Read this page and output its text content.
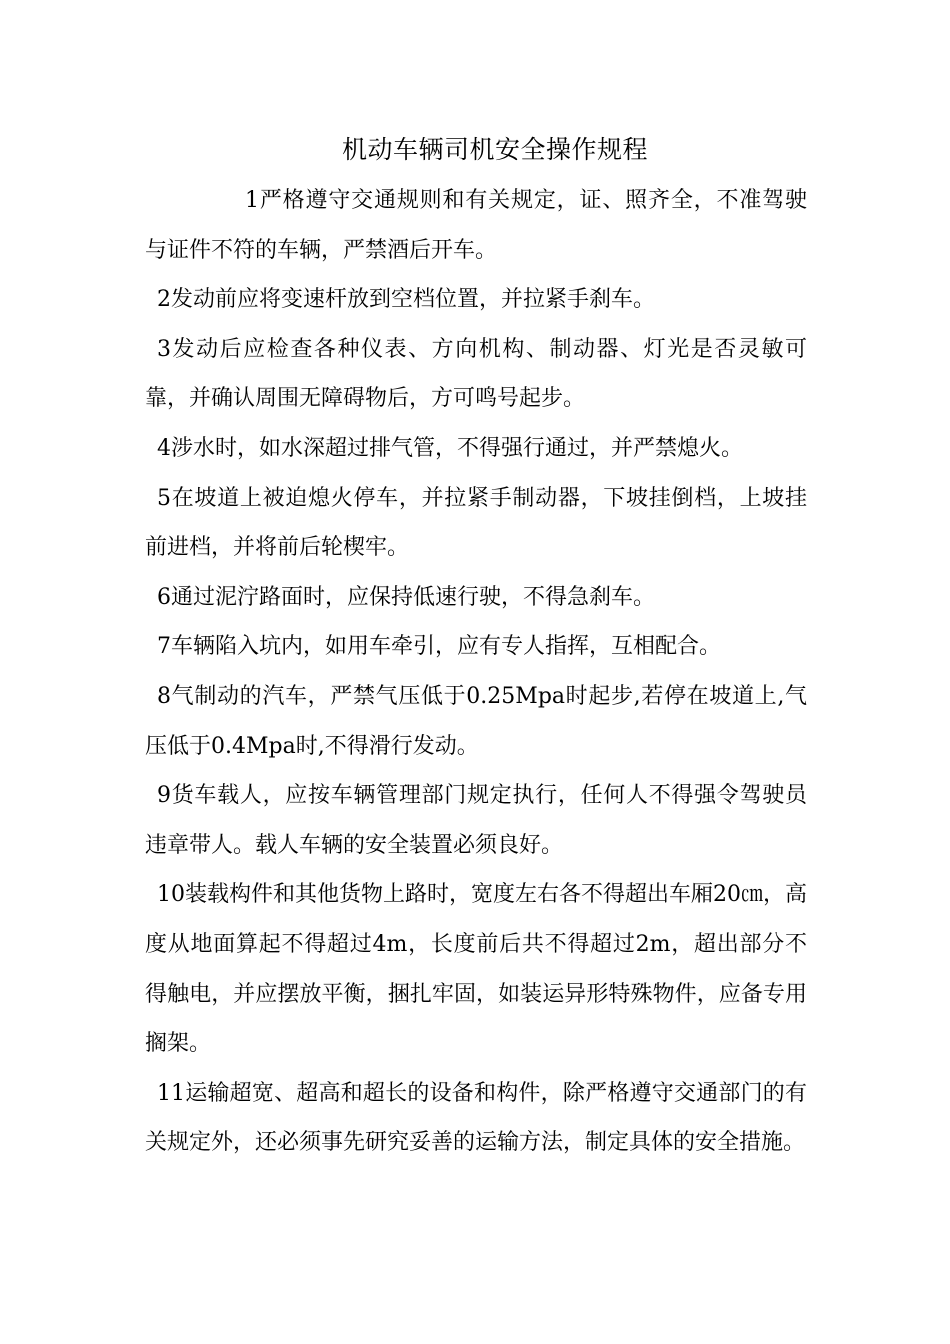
机动车辆司机安全操作规程

1严格遵守交通规则和有关规定，证、照齐全，不准驾驶与证件不符的车辆，严禁酒后开车。

2发动前应将变速杆放到空档位置，并拉紧手刹车。

3发动后应检查各种仪表、方向机构、制动器、灯光是否灵敏可靠，并确认周围无障碍物后，方可鸣号起步。

4涉水时，如水深超过排气管，不得强行通过，并严禁熄火。

5在坡道上被迫熄火停车，并拉紧手制动器，下坡挂倒档，上坡挂前进档，并将前后轮楔牢。

6通过泥泞路面时，应保持低速行驶，不得急刹车。

7车辆陷入坑内，如用车牵引，应有专人指挥，互相配合。

8气制动的汽车，严禁气压低于0.25Mpa时起步,若停在坡道上,气压低于0.4Mpa时,不得滑行发动。

9货车载人，应按车辆管理部门规定执行，任何人不得强令驾驶员违章带人。载人车辆的安全装置必须良好。

10装载构件和其他货物上路时，宽度左右各不得超出车厢20㎝，高度从地面算起不得超过4m，长度前后共不得超过2m，超出部分不得触电，并应摆放平衡，捆扎牢固，如装运异形特殊物件，应备专用搁架。

11运输超宽、超高和超长的设备和构件，除严格遵守交通部门的有关规定外，还必须事先研究妥善的运输方法，制定具体的安全措施。
